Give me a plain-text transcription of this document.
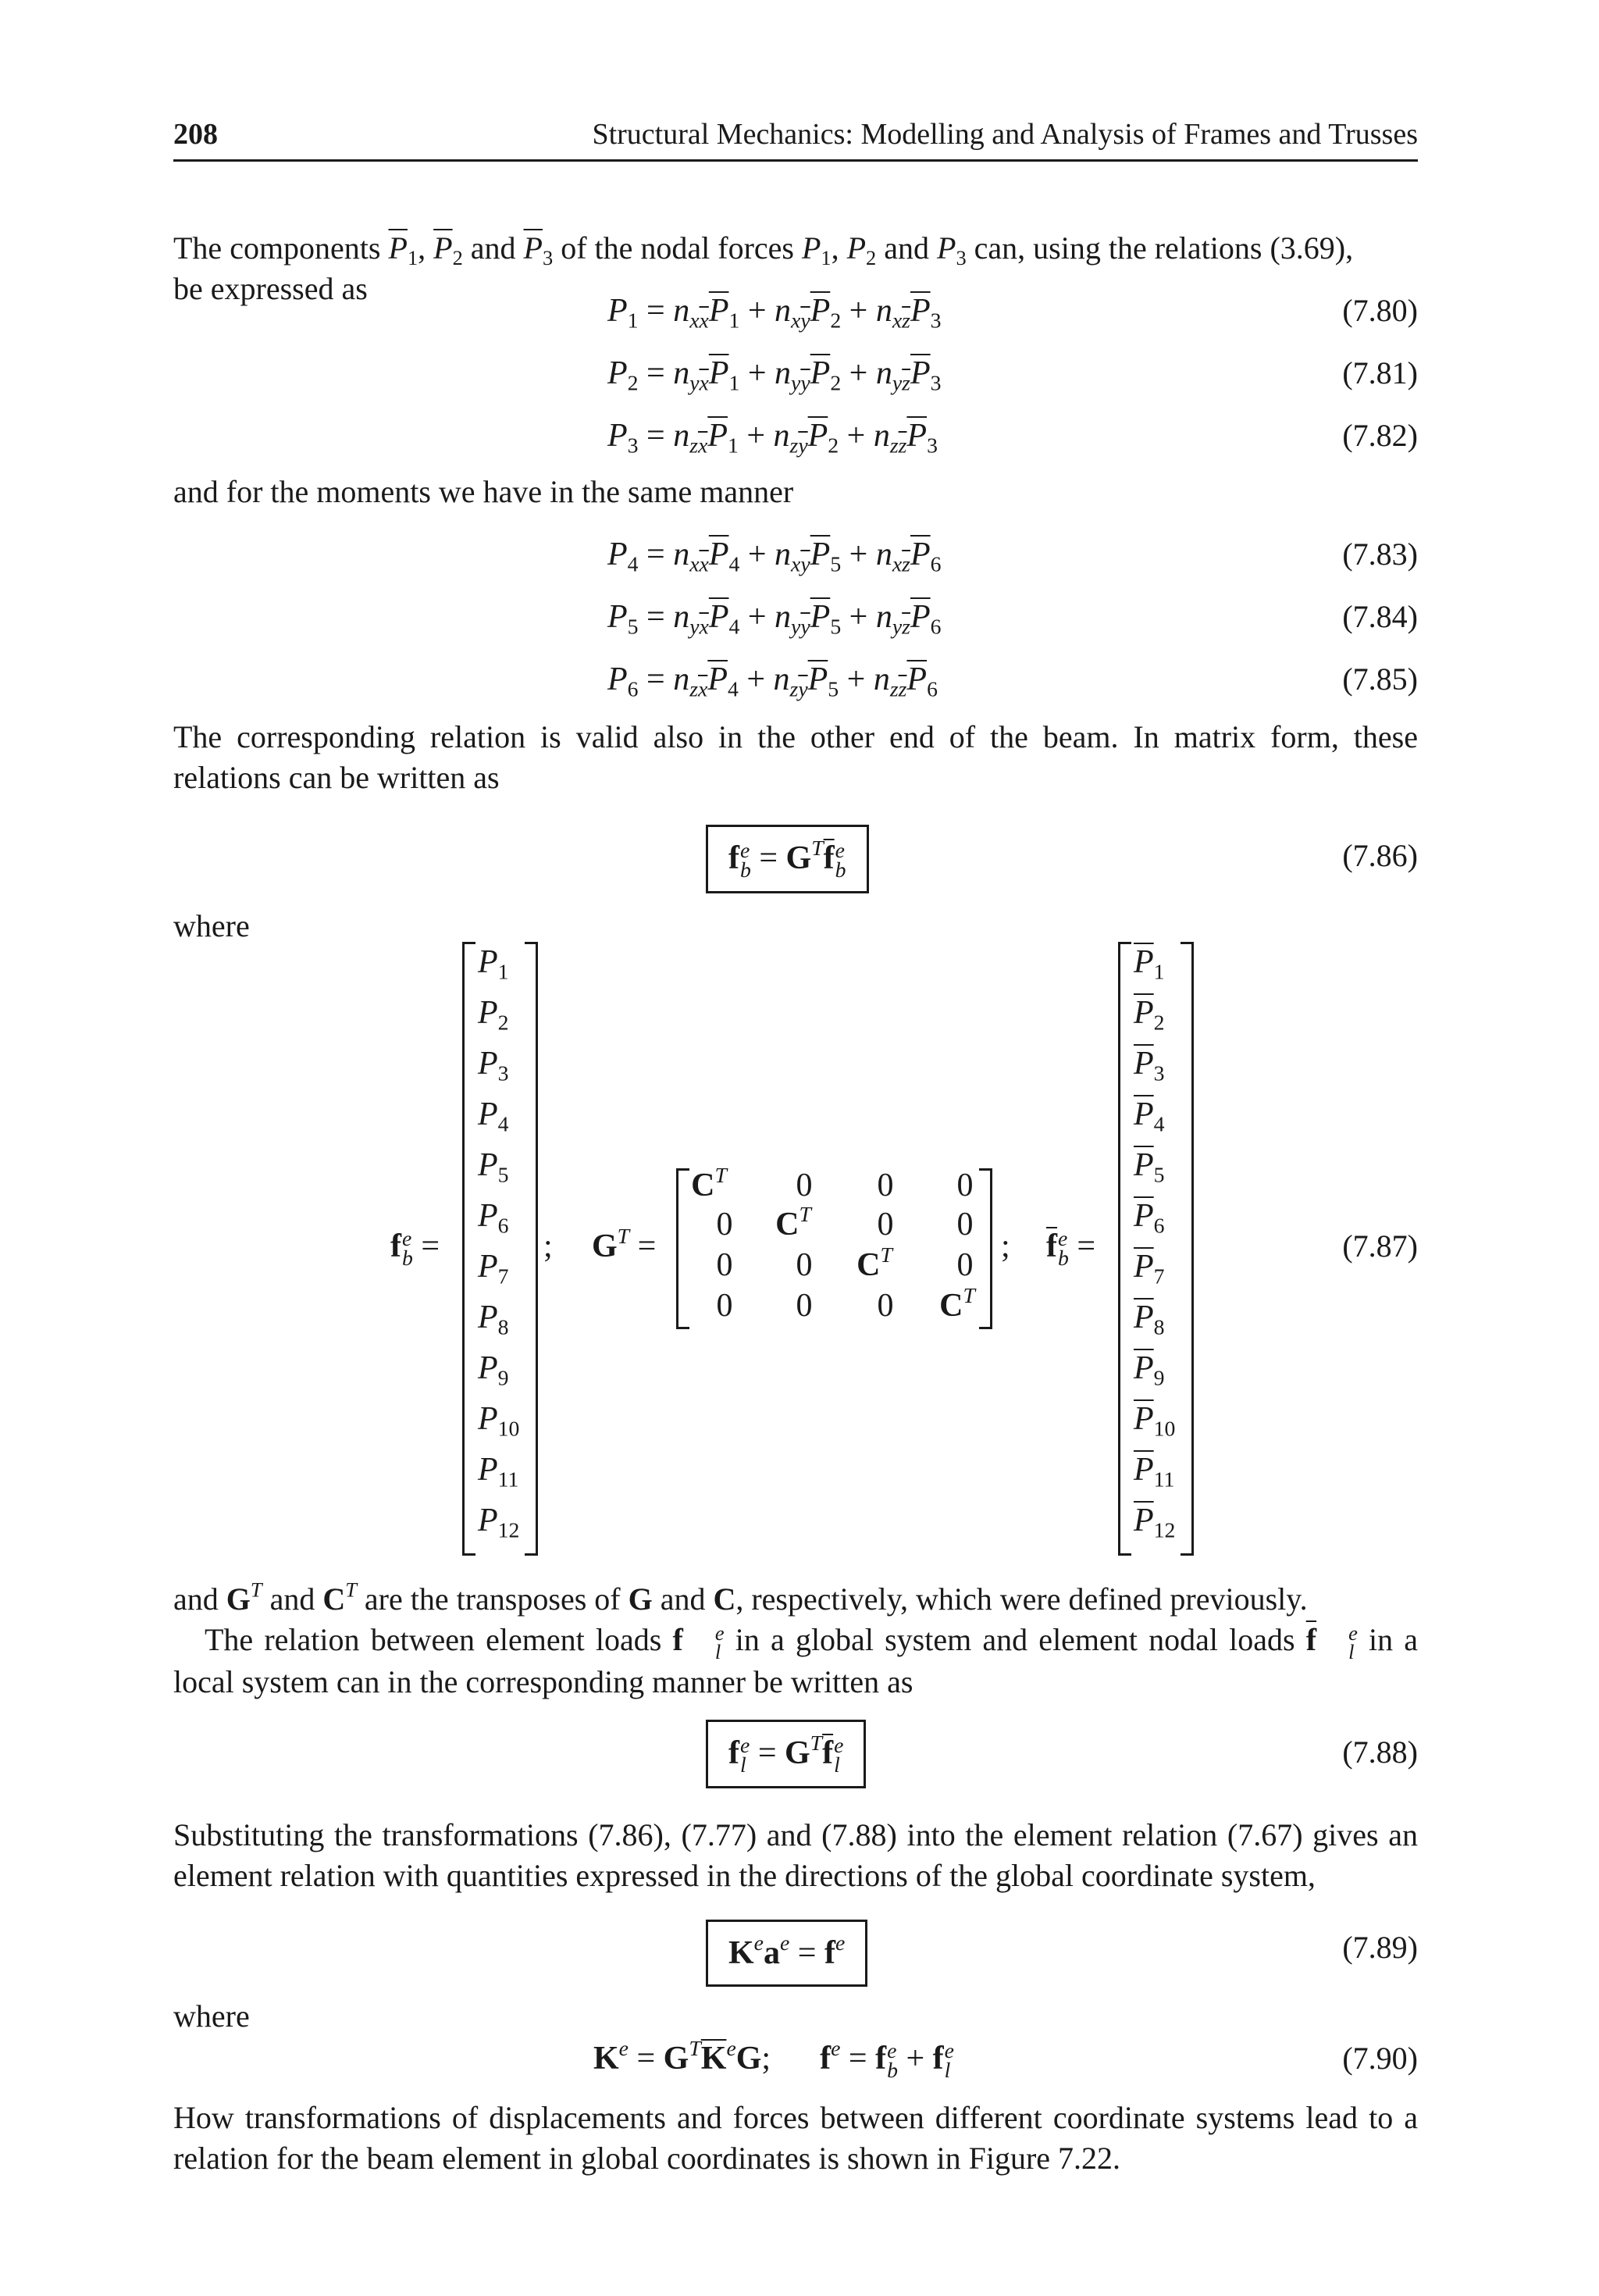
208	Structural Mechanics: Modelling and Analysis of Frames and Trusses
The components $\overline{P}_1$, $\overline{P}_2$ and $\overline{P}_3$ of the nodal forces $P_1$, $P_2$ and $P_3$ can, using the relations (3.69),
be expressed as
$P_1 = n_{x\overline{x}}\overline{P}_1 + n_{x\overline{y}}\overline{P}_2 + n_{x\overline{z}}\overline{P}_3$	(7.80)
$P_2 = n_{y\overline{x}}\overline{P}_1 + n_{y\overline{y}}\overline{P}_2 + n_{y\overline{z}}\overline{P}_3$	(7.81)
$P_3 = n_{z\overline{x}}\overline{P}_1 + n_{z\overline{y}}\overline{P}_2 + n_{z\overline{z}}\overline{P}_3$	(7.82)
and for the moments we have in the same manner
$P_4 = n_{x\overline{x}}\overline{P}_4 + n_{x\overline{y}}\overline{P}_5 + n_{x\overline{z}}\overline{P}_6$	(7.83)
$P_5 = n_{y\overline{x}}\overline{P}_4 + n_{y\overline{y}}\overline{P}_5 + n_{y\overline{z}}\overline{P}_6$	(7.84)
$P_6 = n_{z\overline{x}}\overline{P}_4 + n_{z\overline{y}}\overline{P}_5 + n_{z\overline{z}}\overline{P}_6$	(7.85)

The corresponding relation is valid also in the other end of the beam. In matrix form, these relations can be written as

f e
$b = G^T\overline{f}$ e
b	(7.86)
where
f e
b =
$P_1$
$P_2$
$P_3$
$P_4$
$P_5$
$P_6$
$P_7$
$P_8$
$P_9$
$P_{10}$
$P_{11}$
$P_{12}$
; $G^T$ =
$C^T$	0	0	0
0	$C^T$	0	0
0	0	$C^T$	0
0	0	0	$C^T$
; $\overline{f}$ e
b =
$\overline{P}_1$
$\overline{P}_2$
$\overline{P}_3$
$\overline{P}_4$
$\overline{P}_5$
$\overline{P}_6$
$\overline{P}_7$
$\overline{P}_8$
$\overline{P}_9$
$\overline{P}_{10}$
$\overline{P}_{11}$
$\overline{P}_{12}$
(7.87)
and $G^T$ and $C^T$ are the transposes of G and C, respectively, which were defined previously.

The relation between element loads f	e
l in a global system and element nodal loads $\overline{f}$	e
l in a local system can in the corresponding manner be written as

f e
$l = G^T\overline{f}$ e
l	(7.88)

Substituting the transformations (7.86), (7.77) and (7.88) into the element relation (7.67) gives an element relation with quantities expressed in the directions of the global coordinate system,

$K^ea^e = f^e$	(7.89)
where
$K^e = G^T\overline{K}^eG$;      $f^e = f$ e
b + f e
l	(7.90)

How transformations of displacements and forces between different coordinate systems lead to a relation for the beam element in global coordinates is shown in Figure 7.22.
